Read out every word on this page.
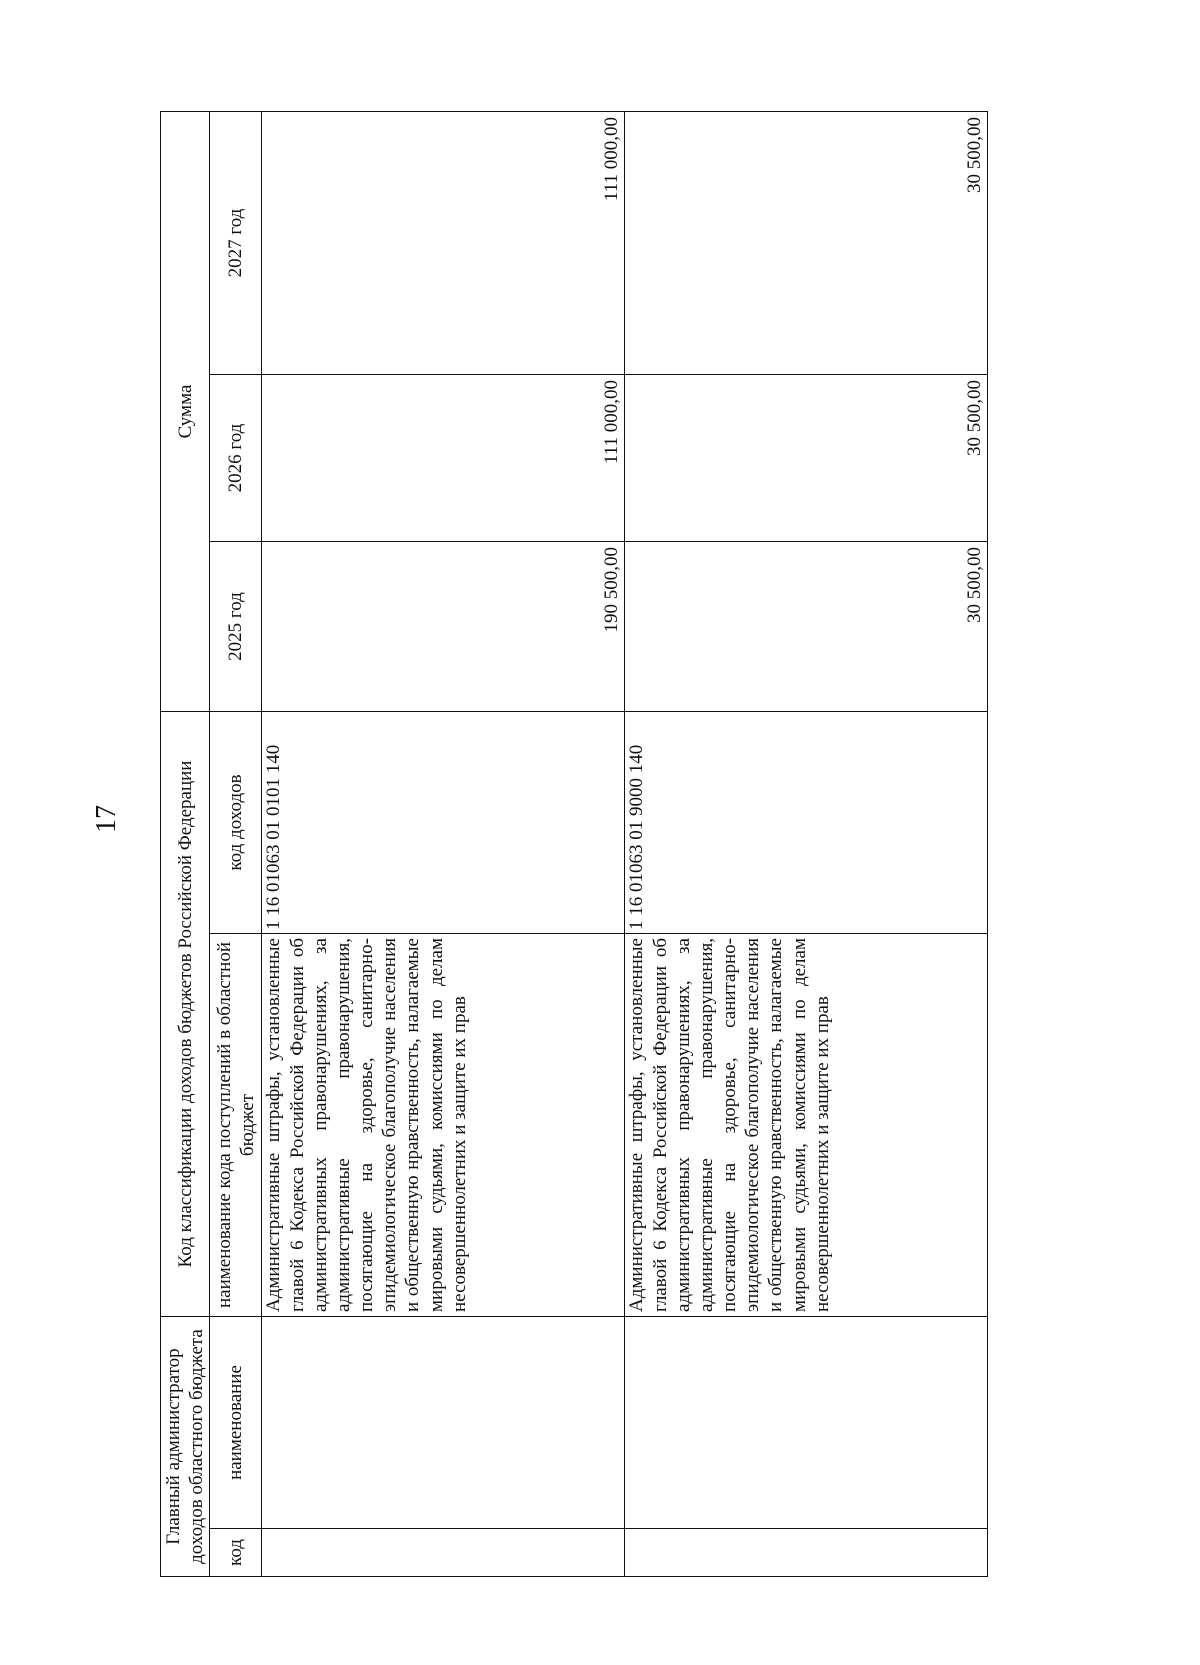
17
Главный администратор доходов областного бюджета		Код классификации доходов бюджетов Российской Федерации		Сумма		
код	наименование	наименование кода поступлений в областной бюджет	код доходов	2025 год	2026 год	2027 год
		Административные штрафы, установленные главой 6 Кодекса Российской Федерации об административных правонарушениях, за административные правонарушения, посягающие на здоровье, санитарно-эпидемиологическое благополучие населения и общественную нравственность, налагаемые мировыми судьями, комиссиями по делам несовершеннолетних и защите их прав	1 16 01063 01 0101 140	190 500,00	111 000,00	111 000,00
		Административные штрафы, установленные главой 6 Кодекса Российской Федерации об административных правонарушениях, за административные правонарушения, посягающие на здоровье, санитарно-эпидемиологическое благополучие населения и общественную нравственность, налагаемые мировыми судьями, комиссиями по делам несовершеннолетних и защите их прав	1 16 01063 01 9000 140	30 500,00	30 500,00	30 500,00
